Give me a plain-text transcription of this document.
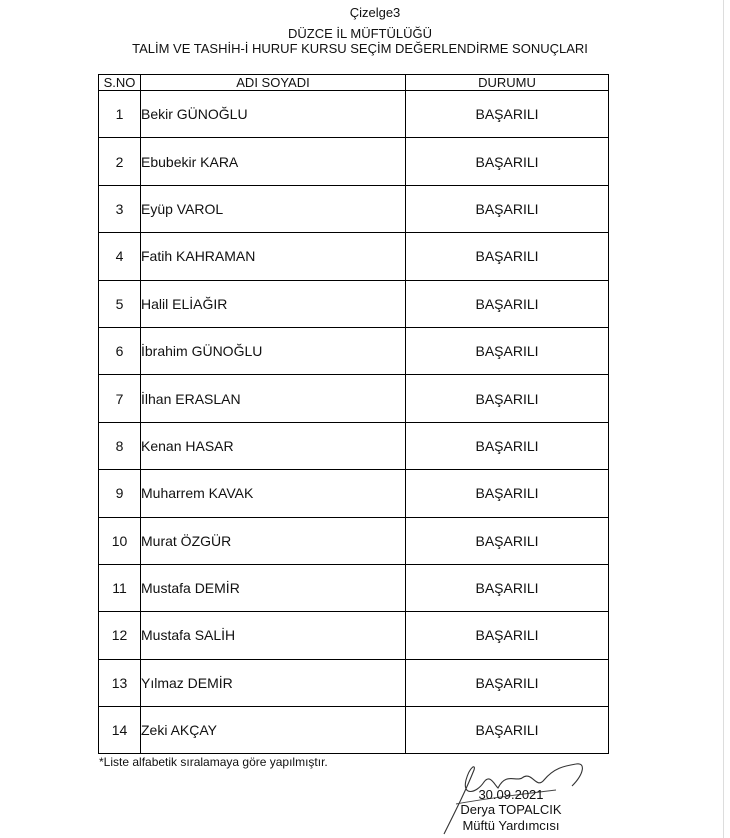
Çizelge3
DÜZCE İL MÜFTÜLÜĞÜ
TALİM VE TASHİH-İ HURUF KURSU SEÇİM DEĞERLENDİRME SONUÇLARI
S.NO	ADI SOYADI	DURUMU
1	Bekir GÜNOĞLU	BAŞARILI
2	Ebubekir KARA	BAŞARILI
3	Eyüp VAROL	BAŞARILI
4	Fatih KAHRAMAN	BAŞARILI
5	Halil ELİAĞIR	BAŞARILI
6	İbrahim GÜNOĞLU	BAŞARILI
7	İlhan ERASLAN	BAŞARILI
8	Kenan HASAR	BAŞARILI
9	Muharrem KAVAK	BAŞARILI
10	Murat ÖZGÜR	BAŞARILI
11	Mustafa DEMİR	BAŞARILI
12	Mustafa SALİH	BAŞARILI
13	Yılmaz DEMİR	BAŞARILI
14	Zeki AKÇAY	BAŞARILI
*Liste alfabetik sıralamaya göre yapılmıştır.
30.09.2021
Derya TOPALCIK
Müftü Yardımcısı
